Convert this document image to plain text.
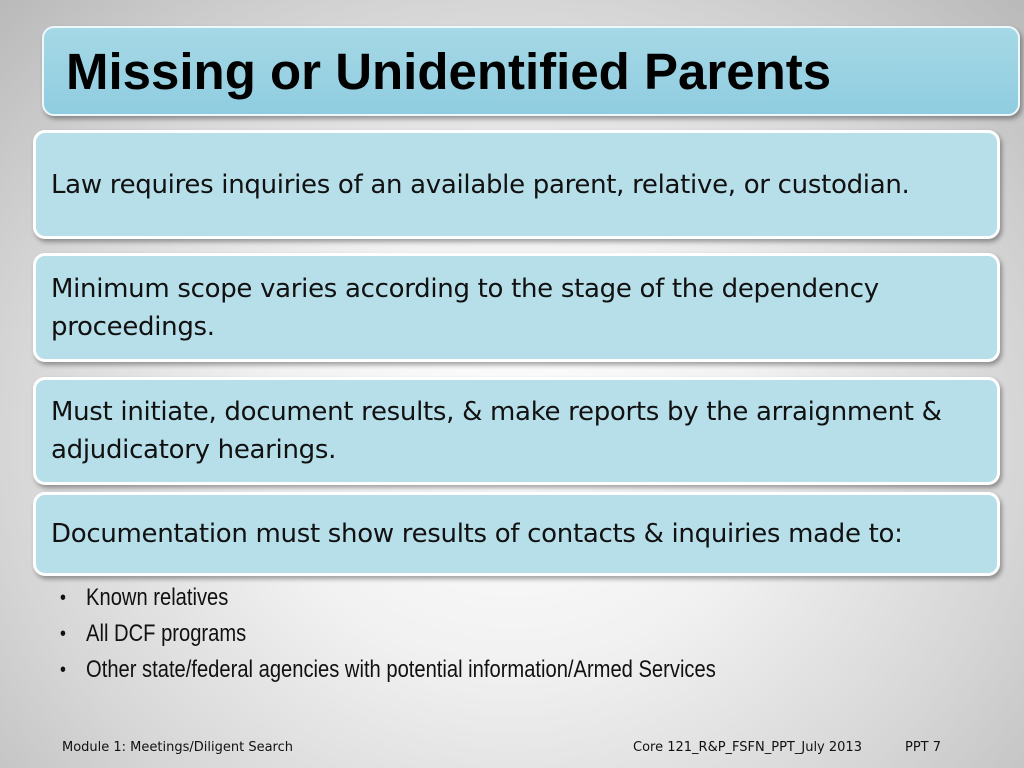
Missing or Unidentified Parents
Law requires inquiries of an available parent, relative, or custodian.
Minimum scope varies according to the stage of the dependency proceedings.
Must initiate, document results, & make reports by the arraignment & adjudicatory hearings.
Documentation must show results of contacts & inquiries made to:
• Known relatives
• All DCF programs
• Other state/federal agencies with potential information/Armed Services
Module 1: Meetings/Diligent Search	Core 121_R&P_FSFN_PPT_July 2013	PPT 7
